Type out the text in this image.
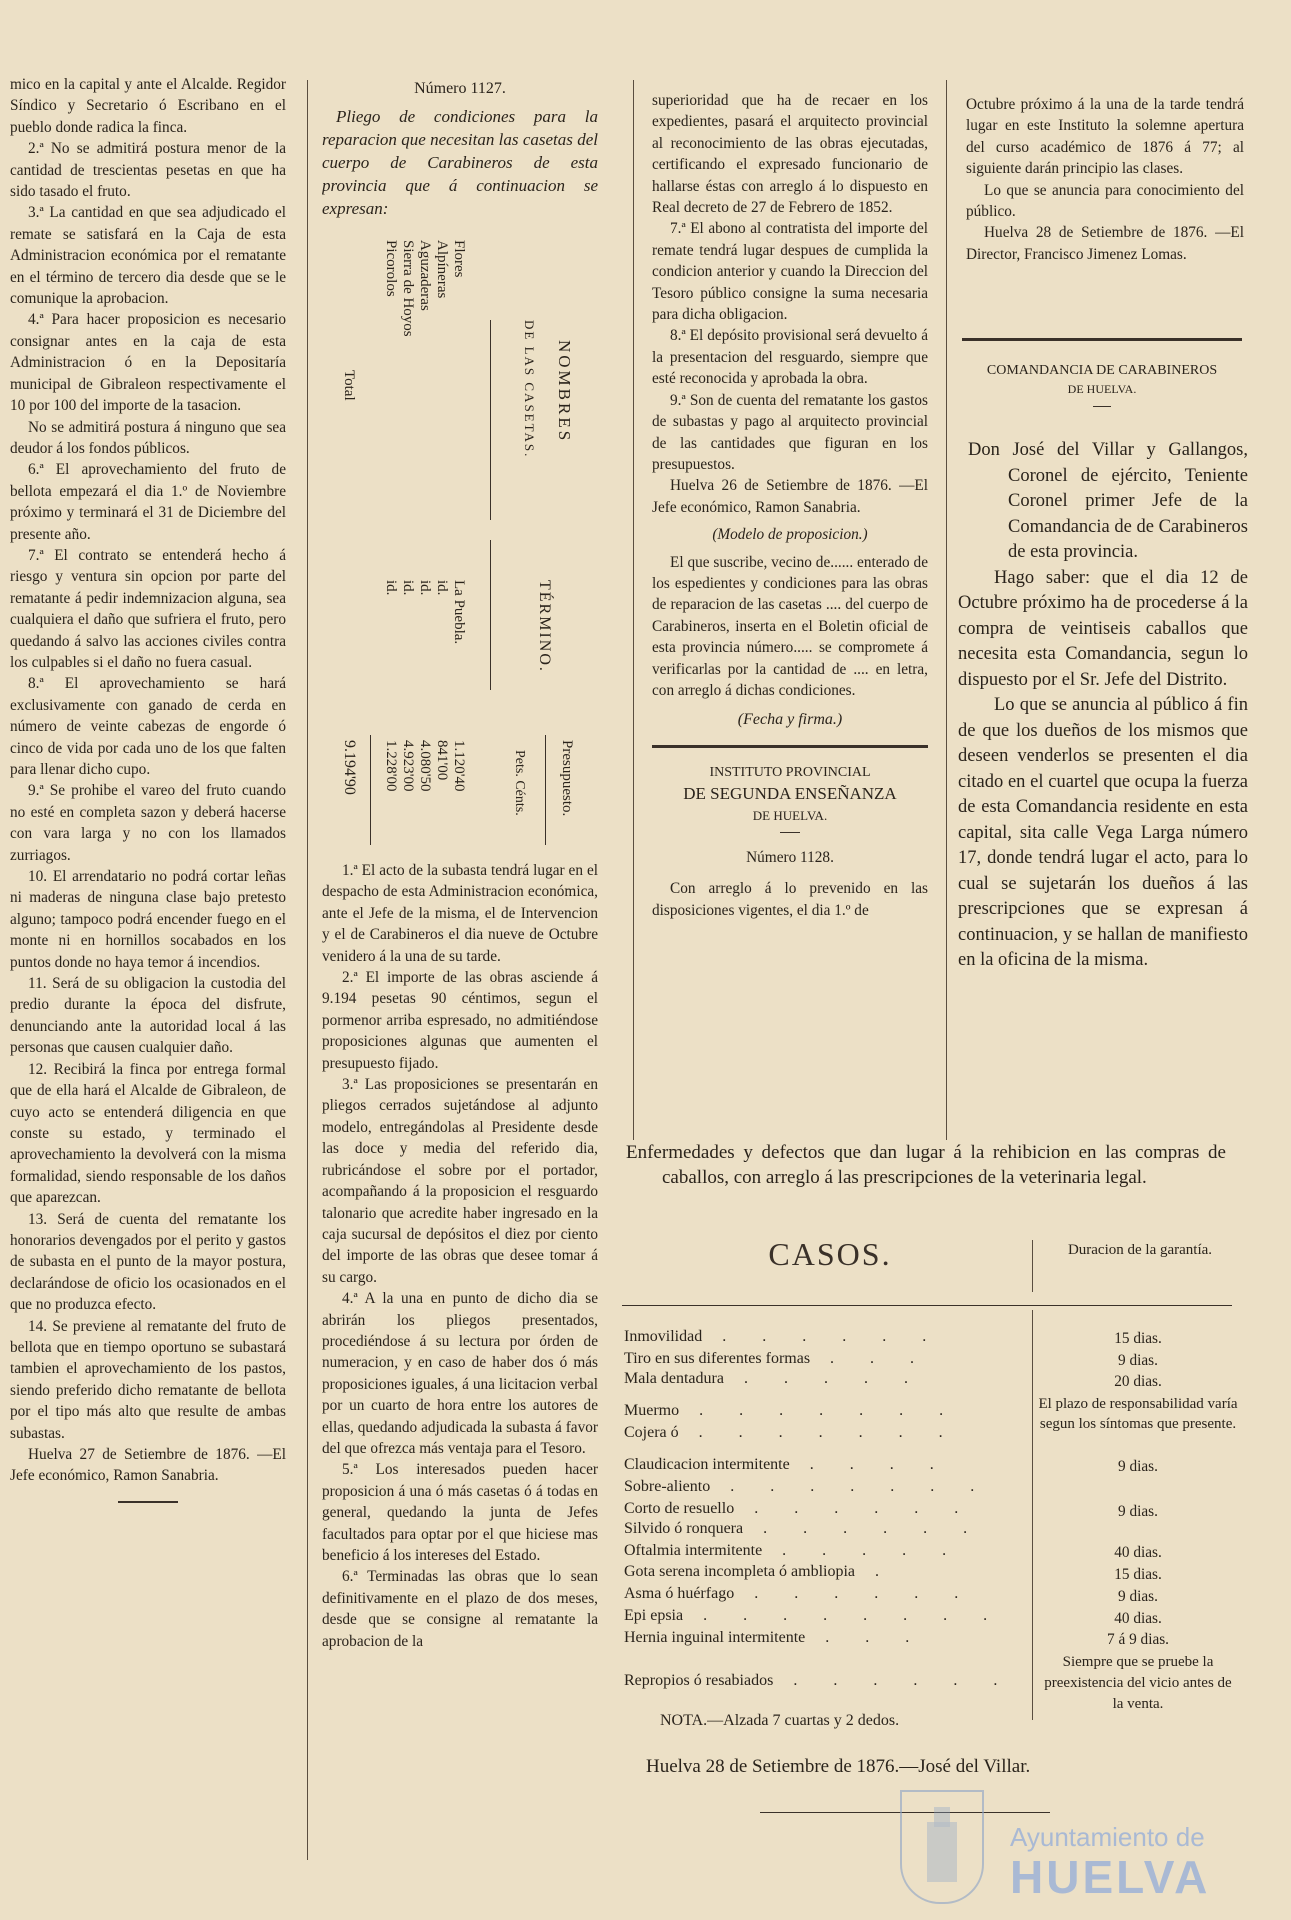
mico en la capital y ante el Alcalde. Regidor Síndico y Secretario ó Escribano en el pueblo donde radica la finca.

2.ª No se admitirá postura menor de la cantidad de trescientas pesetas en que ha sido tasado el fruto.

3.ª La cantidad en que sea adjudicado el remate se satisfará en la Caja de esta Administracion económica por el rematante en el término de tercero dia desde que se le comunique la aprobacion.

4.ª Para hacer proposicion es necesario consignar antes en la caja de esta Administracion ó en la Depositaría municipal de Gibraleon respectivamente el 10 por 100 del importe de la tasacion.

No se admitirá postura á ninguno que sea deudor á los fondos públicos.

6.ª El aprovechamiento del fruto de bellota empezará el dia 1.º de Noviembre próximo y terminará el 31 de Diciembre del presente año.

7.ª El contrato se entenderá hecho á riesgo y ventura sin opcion por parte del rematante á pedir indemnizacion alguna, sea cualquiera el daño que sufriera el fruto, pero quedando á salvo las acciones civiles contra los culpables si el daño no fuera casual.

8.ª El aprovechamiento se hará exclusivamente con ganado de cerda en número de veinte cabezas de engorde ó cinco de vida por cada uno de los que falten para llenar dicho cupo.

9.ª Se prohibe el vareo del fruto cuando no esté en completa sazon y deberá hacerse con vara larga y no con los llamados zurriagos.

10. El arrendatario no podrá cortar leñas ni maderas de ninguna clase bajo pretesto alguno; tampoco podrá encender fuego en el monte ni en hornillos socabados en los puntos donde no haya temor á incendios.

11. Será de su obligacion la custodia del predio durante la época del disfrute, denunciando ante la autoridad local á las personas que causen cualquier daño.

12. Recibirá la finca por entrega formal que de ella hará el Alcalde de Gibraleon, de cuyo acto se entenderá diligencia en que conste su estado, y terminado el aprovechamiento la devolverá con la misma formalidad, siendo responsable de los daños que aparezcan.

13. Será de cuenta del rematante los honorarios devengados por el perito y gastos de subasta en el punto de la mayor postura, declarándose de oficio los ocasionados en el que no produzca efecto.

14. Se previene al rematante del fruto de bellota que en tiempo oportuno se subastará tambien el aprovechamiento de los pastos, siendo preferido dicho rematante de bellota por el tipo más alto que resulte de ambas subastas.

Huelva 27 de Setiembre de 1876. —El Jefe económico, Ramon Sanabria.

Número 1127.

Pliego de condiciones para la reparacion que necesitan las casetas del cuerpo de Carabineros de esta provincia que á continuacion se expresan:

NOMBRES
DE LAS CASETAS.
Flores
Alpíneras
Aguzaderas
Sierra de Hoyos
Picorolos
Total
TÉRMINO.
La Puebla.
id.
id.
id.
id.
Presupuesto.
Pets. Cénts.
1.120'40
841'00
4.080'50
4.923'00
1.228'00
9.194'90

1.ª El acto de la subasta tendrá lugar en el despacho de esta Administracion económica, ante el Jefe de la misma, el de Intervencion y el de Carabineros el dia nueve de Octubre venidero á la una de su tarde.

2.ª El importe de las obras asciende á 9.194 pesetas 90 céntimos, segun el pormenor arriba espresado, no admitiéndose proposiciones algunas que aumenten el presupuesto fijado.

3.ª Las proposiciones se presentarán en pliegos cerrados sujetándose al adjunto modelo, entregándolas al Presidente desde las doce y media del referido dia, rubricándose el sobre por el portador, acompañando á la proposicion el resguardo talonario que acredite haber ingresado en la caja sucursal de depósitos el diez por ciento del importe de las obras que desee tomar á su cargo.

4.ª A la una en punto de dicho dia se abrirán los pliegos presentados, procediéndose á su lectura por órden de numeracion, y en caso de haber dos ó más proposiciones iguales, á una licitacion verbal por un cuarto de hora entre los autores de ellas, quedando adjudicada la subasta á favor del que ofrezca más ventaja para el Tesoro.

5.ª Los interesados pueden hacer proposicion á una ó más casetas ó á todas en general, quedando la junta de Jefes facultados para optar por el que hiciese mas beneficio á los intereses del Estado.

6.ª Terminadas las obras que lo sean definitivamente en el plazo de dos meses, desde que se consigne al rematante la aprobacion de la

superioridad que ha de recaer en los expedientes, pasará el arquitecto provincial al reconocimiento de las obras ejecutadas, certificando el expresado funcionario de hallarse éstas con arreglo á lo dispuesto en Real decreto de 27 de Febrero de 1852.

7.ª El abono al contratista del importe del remate tendrá lugar despues de cumplida la condicion anterior y cuando la Direccion del Tesoro público consigne la suma necesaria para dicha obligacion.

8.ª El depósito provisional será devuelto á la presentacion del resguardo, siempre que esté reconocida y aprobada la obra.

9.ª Son de cuenta del rematante los gastos de subastas y pago al arquitecto provincial de las cantidades que figuran en los presupuestos.

Huelva 26 de Setiembre de 1876. —El Jefe económico, Ramon Sanabria.

(Modelo de proposicion.)

El que suscribe, vecino de...... enterado de los espedientes y condiciones para las obras de reparacion de las casetas .... del cuerpo de Carabineros, inserta en el Boletin oficial de esta provincia número..... se compromete á verificarlas por la cantidad de .... en letra, con arreglo á dichas condiciones.

(Fecha y firma.)

INSTITUTO PROVINCIAL

DE SEGUNDA ENSEÑANZA

DE HUELVA.

Número 1128.

Con arreglo á lo prevenido en las disposiciones vigentes, el dia 1.º de

Octubre próximo á la una de la tarde tendrá lugar en este Instituto la solemne apertura del curso académico de 1876 á 77; al siguiente darán principio las clases.

Lo que se anuncia para conocimiento del público.

Huelva 28 de Setiembre de 1876. —El Director, Francisco Jimenez Lomas.

COMANDANCIA DE CARABINEROS

DE HUELVA.

Don José del Villar y Gallangos, Coronel de ejército, Teniente Coronel primer Jefe de la Comandancia de de Carabineros de esta provincia.

Hago saber: que el dia 12 de Octubre próximo ha de procederse á la compra de veintiseis caballos que necesita esta Comandancia, segun lo dispuesto por el Sr. Jefe del Distrito.

Lo que se anuncia al público á fin de que los dueños de los mismos que deseen venderlos se presenten el dia citado en el cuartel que ocupa la fuerza de esta Comandancia residente en esta capital, sita calle Vega Larga número 17, donde tendrá lugar el acto, para lo cual se sujetarán los dueños á las prescripciones que se expresan á continuacion, y se hallan de manifiesto en la oficina de la misma.

Enfermedades y defectos que dan lugar á la rehibicion en las compras de caballos, con arreglo á las prescripciones de la veterinaria legal.

CASOS.	Duracion de la garantía.
Inmovilidad . . . . . .
Tiro en sus diferentes formas . . .
Mala dentadura . . . . .
Muermo . . . . . . .
Cojera ó . . . . . . .
Claudicacion intermitente . . . .
Sobre-aliento . . . . . . .
Corto de resuello . . . . . .
Silvido ó ronquera . . . . . .
Oftalmia intermitente . . . . .
Gota serena incompleta ó ambliopia .
Asma ó huérfago . . . . . .
Epi epsia . . . . . . . .
Hernia inguinal intermitente . . .
Repropios ó resabiados . . . . . .
15 dias.
9 dias.
20 dias.
El plazo de responsabilidad varía segun los síntomas que presente.
9 dias.
9 dias.
40 dias.
15 dias.
9 dias.
40 dias.
7 á 9 dias.
Siempre que se pruebe la preexistencia del vicio antes de la venta.
NOTA.—Alzada 7 cuartas y 2 dedos.
Huelva 28 de Setiembre de 1876.—José del Villar.
Ayuntamiento de
HUELVA
